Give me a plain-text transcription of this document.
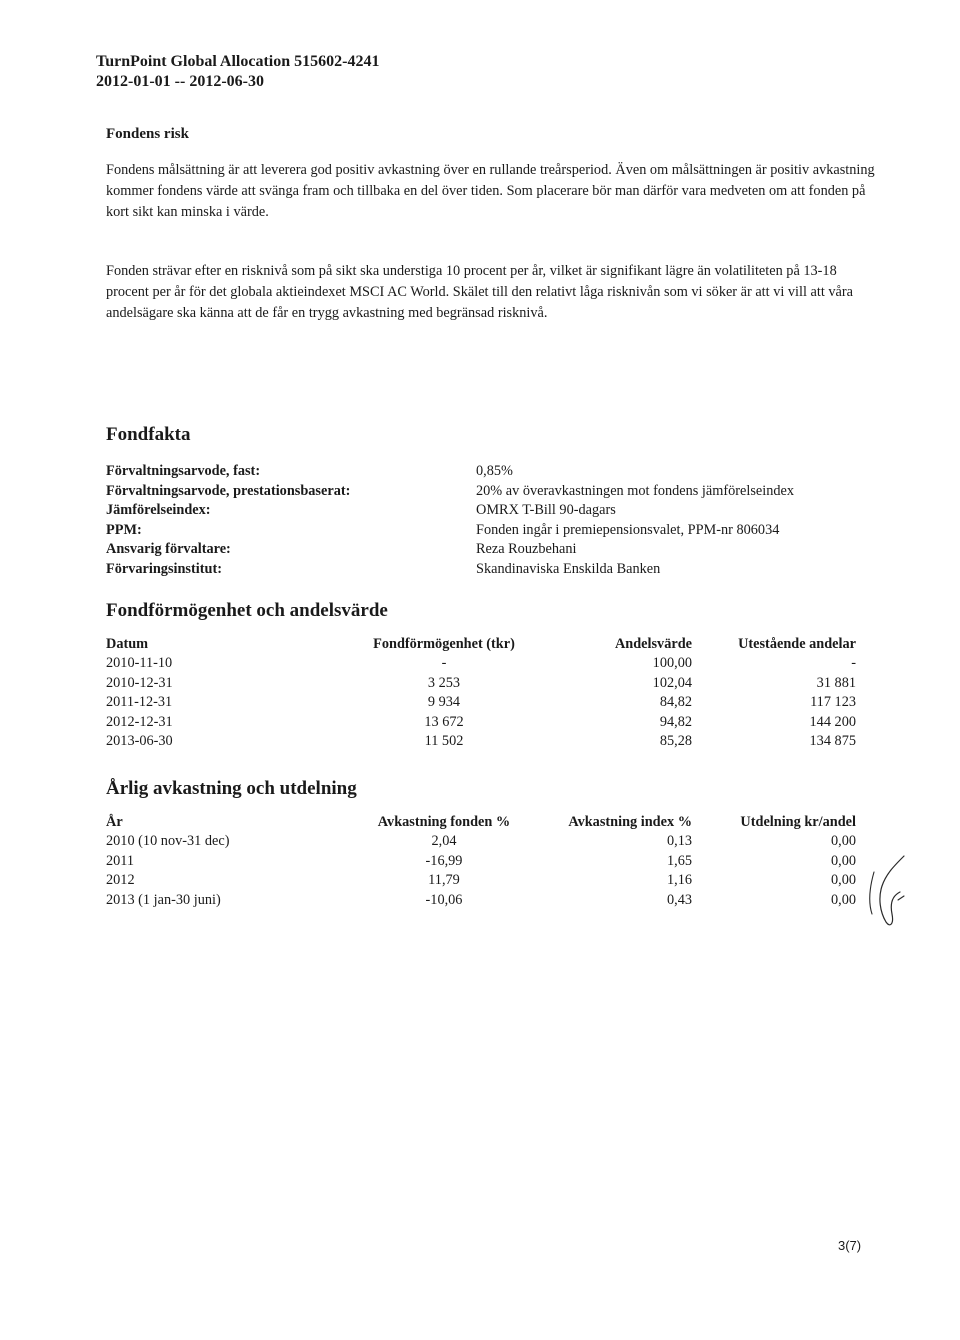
TurnPoint Global Allocation 515602-4241
2012-01-01 -- 2012-06-30
Fondens risk

Fondens målsättning är att leverera god positiv avkastning över en rullande treårsperiod. Även om målsättningen är positiv avkastning kommer fondens värde att svänga fram och tillbaka en del över tiden. Som placerare bör man därför vara medveten om att fonden på kort sikt kan minska i värde.

Fonden strävar efter en risknivå som på sikt ska understiga 10 procent per år, vilket är signifikant lägre än volatiliteten på 13-18 procent per år för det globala aktieindexet MSCI AC World. Skälet till den relativt låga risknivån som vi söker är att vi vill att våra andelsägare ska känna att de får en trygg avkastning med begränsad risknivå.

Fondfakta
Förvaltningsarvode, fast:	0,85%
Förvaltningsarvode, prestationsbaserat:	20% av överavkastningen mot fondens jämförelseindex
Jämförelseindex:	OMRX T-Bill 90-dagars
PPM:	Fonden ingår i premiepensionsvalet, PPM-nr 806034
Ansvarig förvaltare:	Reza Rouzbehani
Förvaringsinstitut:	Skandinaviska Enskilda Banken
Fondförmögenhet och andelsvärde
Datum	Fondförmögenhet (tkr)	Andelsvärde	Utestående andelar
2010-11-10	-	100,00	-
2010-12-31	3 253	102,04	31 881
2011-12-31	9 934	84,82	117 123
2012-12-31	13 672	94,82	144 200
2013-06-30	11 502	85,28	134 875
Årlig avkastning och utdelning
År	Avkastning fonden %	Avkastning index %	Utdelning kr/andel
2010 (10 nov-31 dec)	2,04	0,13	0,00
2011	-16,99	1,65	0,00
2012	11,79	1,16	0,00
2013 (1 jan-30 juni)	-10,06	0,43	0,00
3(7)
